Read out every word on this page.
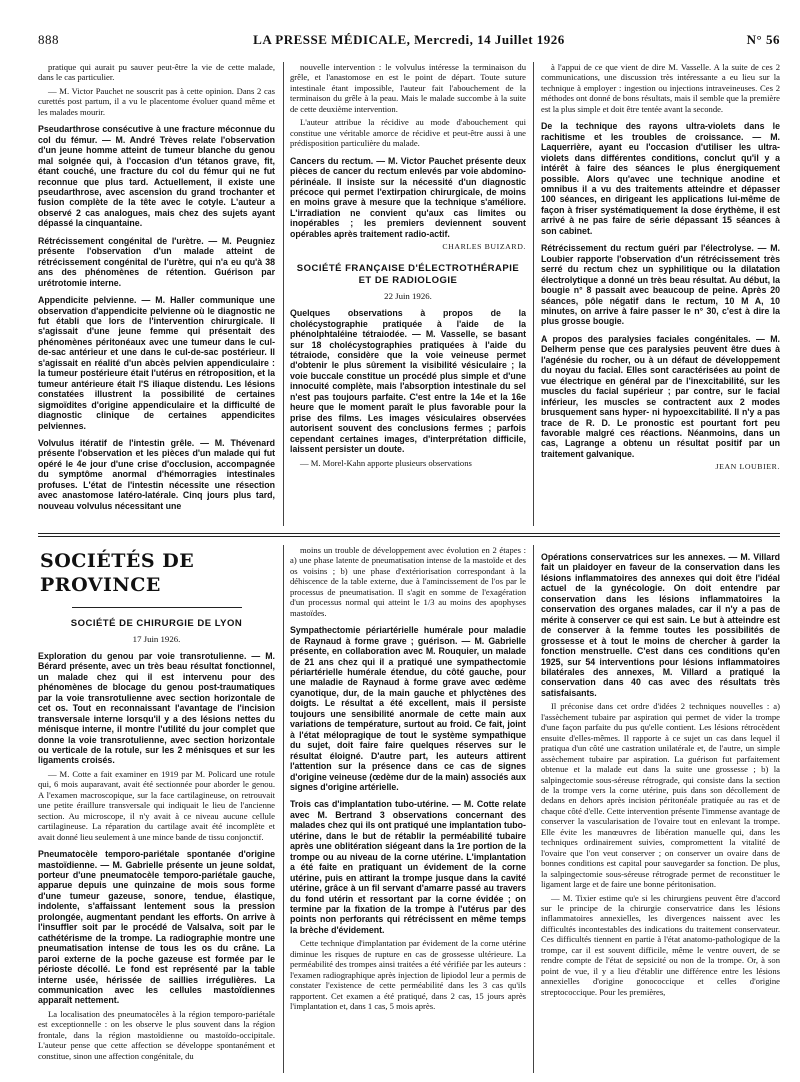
888	LA PRESSE MÉDICALE, Mercredi, 14 Juillet 1926	N° 56

pratique qui aurait pu sauver peut-être la vie de cette malade, dans le cas particulier.

— M. Victor Pauchet ne souscrit pas à cette opinion. Dans 2 cas curettés post partum, il a vu le placentome évoluer quand même et les malades mourir.

Pseudarthrose consécutive à une fracture méconnue du col du fémur. — M. André Trèves relate l'observation d'un jeune homme atteint de tumeur blanche du genou mal soignée qui, à l'occasion d'un tétanos grave, fit, étant couché, une fracture du col du fémur qui ne fut reconnue que plus tard. Actuellement, il existe une pseudarthrose, avec ascension du grand trochanter et fusion complète de la tête avec le cotyle. L'auteur a observé 2 cas analogues, mais chez des sujets ayant dépassé la cinquantaine.

Rétrécissement congénital de l'urètre. — M. Peugniez présente l'observation d'un malade atteint de rétrécissement congénital de l'urètre, qui n'a eu qu'à 38 ans des phénomènes de rétention. Guérison par urétrotomie interne.

Appendicite pelvienne. — M. Haller communique une observation d'appendicite pelvienne où le diagnostic ne fut établi que lors de l'intervention chirurgicale. Il s'agissait d'une jeune femme qui présentait des phénomènes péritonéaux avec une tumeur dans le cul-de-sac antérieur et une dans le cul-de-sac postérieur. Il s'agissait en réalité d'un abcès pelvien appendiculaire : la tumeur postérieure était l'utérus en rétroposition, et la tumeur antérieure était l'S iliaque distendu. Les lésions constatées illustrent la possibilité de certaines sigmoïdites d'origine appendiculaire et la difficulté de diagnostic clinique de certaines appendicites pelviennes.

Volvulus itératif de l'intestin grêle. — M. Thévenard présente l'observation et les pièces d'un malade qui fut opéré le 4e jour d'une crise d'occlusion, accompagnée du symptôme anormal d'hémorragies intestinales profuses. L'état de l'intestin nécessite une résection avec anastomose latéro-latérale. Cinq jours plus tard, nouveau volvulus nécessitant une

nouvelle intervention : le volvulus intéresse la terminaison du grêle, et l'anastomose en est le point de départ. Toute suture intestinale étant impossible, l'auteur fait l'abouchement de la terminaison du grêle à la peau. Mais le malade succombe à la suite de cette deuxième intervention.

L'auteur attribue la récidive au mode d'abouchement qui constitue une véritable amorce de récidive et peut-être aussi à une prédisposition particulière du malade.

Cancers du rectum. — M. Victor Pauchet présente deux pièces de cancer du rectum enlevés par voie abdomino-périnéale. Il insiste sur la nécessité d'un diagnostic précoce qui permet l'extirpation chirurgicale, de moins en moins grave à mesure que la technique s'améliore. L'irradiation ne convient qu'aux cas limites ou inopérables ; les premiers deviennent souvent opérables après traitement radio-actif.

CHARLES BUIZARD.

SOCIÉTÉ FRANÇAISE D'ÉLECTROTHÉRAPIE ET DE RADIOLOGIE
22 Juin 1926.

Quelques observations à propos de la cholécystographie pratiquée à l'aide de la phénolphtaléine tétraiodée. — M. Vasselle, se basant sur 18 cholécystographies pratiquées à l'aide du tétraiode, considère que la voie veineuse permet d'obtenir le plus sûrement la visibilité vésiculaire ; la voie buccale constitue un procédé plus simple et d'une innocuité complète, mais l'absorption intestinale du sel n'est pas toujours parfaite. C'est entre la 14e et la 16e heure que le moment paraît le plus favorable pour la prise des films. Les images vésiculaires observées autorisent souvent des conclusions fermes ; parfois cependant certaines images, d'interprétation difficile, laissent persister un doute.

— M. Morel-Kahn apporte plusieurs observations

à l'appui de ce que vient de dire M. Vasselle. A la suite de ces 2 communications, une discussion très intéressante a eu lieu sur la technique à employer : ingestion ou injections intraveineuses. Ces 2 méthodes ont donné de bons résultats, mais il semble que la première est la plus simple et doit être tentée avant la seconde.

De la technique des rayons ultra-violets dans le rachitisme et les troubles de croissance. — M. Laquerrière, ayant eu l'occasion d'utiliser les ultra-violets dans différentes conditions, conclut qu'il y a intérêt à faire des séances le plus énergiquement possible. Alors qu'avec une technique anodine et omnibus il a vu des traitements atteindre et dépasser 100 séances, en dirigeant les applications lui-même de façon à friser systématiquement la dose érythème, il est arrivé à ne pas faire de série dépassant 15 séances à son cabinet.

Rétrécissement du rectum guéri par l'électrolyse. — M. Loubier rapporte l'observation d'un rétrécissement très serré du rectum chez un syphilitique ou la dilatation électrolytique a donné un très beau résultat. Au début, la bougie n° 8 passait avec beaucoup de peine. Après 20 séances, pôle négatif dans le rectum, 10 M A, 10 minutes, on arrive à faire passer le n° 30, c'est à dire la plus grosse bougie.

A propos des paralysies faciales congénitales. — M. Delherm pense que ces paralysies peuvent être dues à l'agénésie du rocher, ou à un défaut de développement du noyau du facial. Elles sont caractérisées au point de vue électrique en général par de l'inexcitabilité, sur les muscles du facial supérieur ; par contre, sur le facial inférieur, les muscles se contractent aux 2 modes brusquement sans hyper- ni hypoexcitabilité. Il n'y a pas trace de R. D. Le pronostic est pourtant fort peu favorable malgré ces réactions. Néanmoins, dans un cas, Lagrange a obtenu un résultat positif par un traitement galvanique.

JEAN LOUBIER.

SOCIÉTÉS DE PROVINCE
SOCIÉTÉ DE CHIRURGIE DE LYON
17 Juin 1926.

Exploration du genou par voie transrotulienne. — M. Bérard présente, avec un très beau résultat fonctionnel, un malade chez qui il est intervenu pour des phénomènes de blocage du genou post-traumatiques par la voie transrotulienne avec section horizontale de cet os. Tout en reconnaissant l'avantage de l'incision transversale interne lorsqu'il y a des lésions nettes du ménisque interne, il montre l'utilité du jour complet que donne la voie transrotulienne, avec section horizontale ou verticale de la rotule, sur les 2 ménisques et sur les ligaments croisés.

— M. Cotte a fait examiner en 1919 par M. Policard une rotule qui, 6 mois auparavant, avait été sectionnée pour aborder le genou. A l'examen macroscopique, sur la face cartilagineuse, on retrouvait une petite éraillure transversale qui indiquait le lieu de l'ancienne section. Au microscope, il n'y avait à ce niveau aucune cellule cartilagineuse. La réparation du cartilage avait été incomplète et avait donné lieu seulement à une mince bande de tissu conjonctif.

Pneumatocèle temporo-pariétale spontanée d'origine mastoïdienne. — M. Gabrielle présente un jeune soldat, porteur d'une pneumatocèle temporo-pariétale gauche, apparue depuis une quinzaine de mois sous forme d'une tumeur gazeuse, sonore, tendue, élastique, indolente, s'affaissant lentement sous la pression prolongée, augmentant pendant les efforts. On arrive à l'insuffler soit par le procédé de Valsalva, soit par le cathétérisme de la trompe. La radiographie montre une pneumatisation intense de tous les os du crâne. La paroi externe de la poche gazeuse est formée par le périoste décollé. Le fond est représenté par la table interne usée, hérissée de saillies irrégulières. La communication avec les cellules mastoïdiennes apparaît nettement.

La localisation des pneumatocèles à la région temporo-pariétale est exceptionnelle : on les observe le plus souvent dans la région frontale, dans la région mastoïdienne ou mastoïdo-occipitale. L'auteur pense que cette affection se développe spontanément et constitue, sinon une affection congénitale, du

moins un trouble de développement avec évolution en 2 étapes : a) une phase latente de pneumatisation intense de la mastoïde et des os voisins ; b) une phase d'extériorisation correspondant à la déhiscence de la table externe, due à l'amincissement de l'os par le processus de pneumatisation. Il s'agit en somme de l'exagération d'un processus normal qui atteint le 1/3 au moins des apophyses mastoïdes.

Sympathectomie périartérielle humérale pour maladie de Raynaud à forme grave ; guérison. — M. Gabrielle présente, en collaboration avec M. Rouquier, un malade de 21 ans chez qui il a pratiqué une sympathectomie périartérielle humérale étendue, du côté gauche, pour une maladie de Raynaud à forme grave avec œdème cyanotique, dur, de la main gauche et phlyctènes des doigts. Le résultat a été excellent, mais il persiste toujours une sensibilité anormale de cette main aux variations de température, surtout au froid. Ce fait, joint à l'état mélopragique de tout le système sympathique du sujet, doit faire faire quelques réserves sur le résultat éloigné. D'autre part, les auteurs attirent l'attention sur la présence dans ce cas de signes d'origine veineuse (œdème dur de la main) associés aux signes d'origine artérielle.

Trois cas d'implantation tubo-utérine. — M. Cotte relate avec M. Bertrand 3 observations concernant des malades chez qui ils ont pratiqué une implantation tubo-utérine, dans le but de rétablir la perméabilité tubaire après une oblitération siégeant dans la 1re portion de la trompe ou au niveau de la corne utérine. L'implantation a été faite en pratiquant un évidement de la corne utérine, puis en attirant la trompe jusque dans la cavité utérine, grâce à un fil servant d'amarre passé au travers du fond utérin et ressortant par la corne évidée ; on termine par la fixation de la trompe à l'utérus par des points non perforants qui rétrécissent en même temps la brèche d'évidement.

Cette technique d'implantation par évidement de la corne utérine diminue les risques de rupture en cas de grossesse ultérieure. La perméabilité des trompes ainsi traitées a été vérifiée par les auteurs : l'examen radiographique après injection de lipiodol leur a permis de constater l'existence de cette perméabilité dans les 3 cas qu'ils rapportent. Cet examen a été pratiqué, dans 2 cas, 15 jours après l'implantation et, dans 1 cas, 5 mois après.

Opérations conservatrices sur les annexes. — M. Villard fait un plaidoyer en faveur de la conservation dans les lésions inflammatoires des annexes qui doit être l'idéal actuel de la gynécologie. On doit entendre par conservation dans les lésions inflammatoires la conservation des organes malades, car il n'y a pas de mérite à conserver ce qui est sain. Le but à atteindre est de conserver à la femme toutes les possibilités de grossesse et à tout le moins de chercher à garder la fonction menstruelle. C'est dans ces conditions qu'en 1925, sur 54 interventions pour lésions inflammatoires bilatérales des annexes, M. Villard a pratiqué la conservation dans 40 cas avec des résultats très satisfaisants.

Il préconise dans cet ordre d'idées 2 techniques nouvelles : a) l'assèchement tubaire par aspiration qui permet de vider la trompe d'une façon parfaite du pus qu'elle contient. Les lésions rétrocèdent ensuite d'elles-mêmes. Il rapporte à ce sujet un cas dans lequel il pratiqua d'un côté une castration unilatérale et, de l'autre, un simple assèchement tubaire par aspiration. La guérison fut parfaitement obtenue et la malade eut dans la suite une grossesse ; b) la salpingectomie sous-séreuse rétrograde, qui consiste dans la section de la trompe vers la corne utérine, puis dans son décollement de dedans en dehors après incision péritonéale pratiquée au ras et de chaque côté d'elle. Cette intervention présente l'immense avantage de conserver la vascularisation de l'ovaire tout en enlevant la trompe. Elle évite les manœuvres de libération manuelle qui, dans les techniques ordinairement suivies, compromettent la vitalité de l'ovaire que l'on veut conserver ; on conserver un ovaire dans de bonnes conditions est capital pour sauvegarder sa fonction. De plus, la salpingectomie sous-séreuse rétrograde permet de reconstituer le ligament large et de faire une bonne péritonisation.

— M. Tixier estime qu'e si les chirurgiens peuvent être d'accord sur le principe de la chirurgie conservatrice dans les lésions inflammatoires annexielles, les divergences naissent avec les difficultés incontestables des indications du traitement conservateur. Ces difficultés tiennent en partie à l'état anatomo-pathologique de la trompe, car il est souvent difficile, même le ventre ouvert, de se rendre compte de l'état de sepsicité ou non de la trompe. Or, à son point de vue, il y a lieu d'établir une différence entre les lésions annexielles d'origine gonococcique et celles d'origine streptococcique. Pour les premières,
